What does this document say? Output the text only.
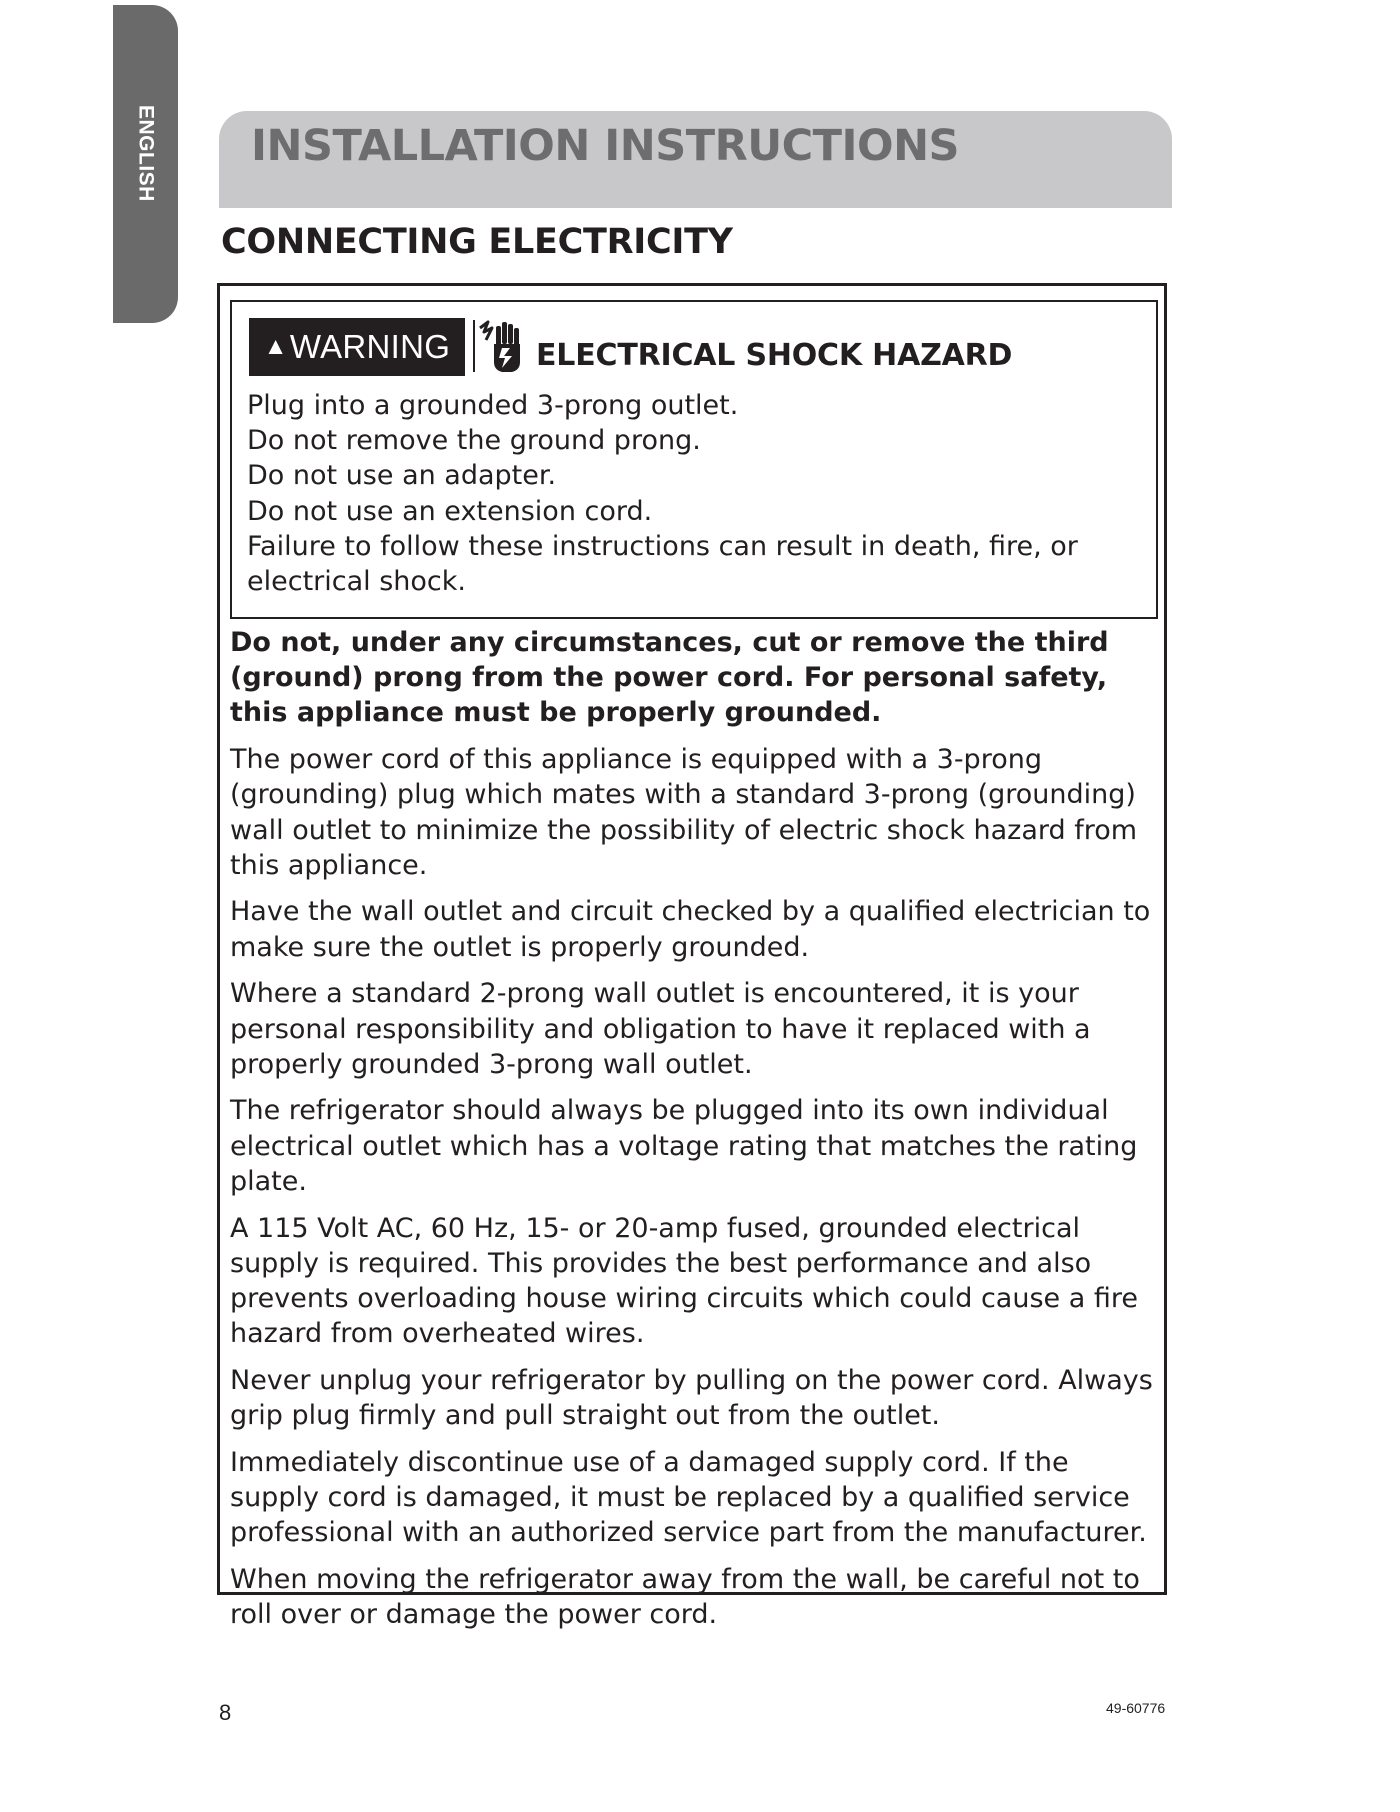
ENGLISH INSTALLATION INSTRUCTIONS
CONNECTING ELECTRICITY
▲ WARNING	ELECTRICAL SHOCK HAZARD
Plug into a grounded 3-prong outlet.
Do not remove the ground prong.
Do not use an adapter.
Do not use an extension cord.
Failure to follow these instructions can result in death, fire, or electrical shock.

Do not, under any circumstances, cut or remove the third (ground) prong from the power cord. For personal safety, this appliance must be properly grounded.

The power cord of this appliance is equipped with a 3-prong (grounding) plug which mates with a standard 3-prong (grounding) wall outlet to minimize the possibility of electric shock hazard from this appliance.

Have the wall outlet and circuit checked by a qualified electrician to make sure the outlet is properly grounded.

Where a standard 2-prong wall outlet is encountered, it is your personal responsibility and obligation to have it replaced with a properly grounded 3-prong wall outlet.

The refrigerator should always be plugged into its own individual electrical outlet which has a voltage rating that matches the rating plate.

A 115 Volt AC, 60 Hz, 15- or 20-amp fused, grounded electrical supply is required. This provides the best performance and also prevents overloading house wiring circuits which could cause a fire hazard from overheated wires.

Never unplug your refrigerator by pulling on the power cord. Always grip plug firmly and pull straight out from the outlet.

Immediately discontinue use of a damaged supply cord. If the supply cord is damaged, it must be replaced by a qualified service professional with an authorized service part from the manufacturer.

When moving the refrigerator away from the wall, be careful not to roll over or damage the power cord.

8	49-60776
